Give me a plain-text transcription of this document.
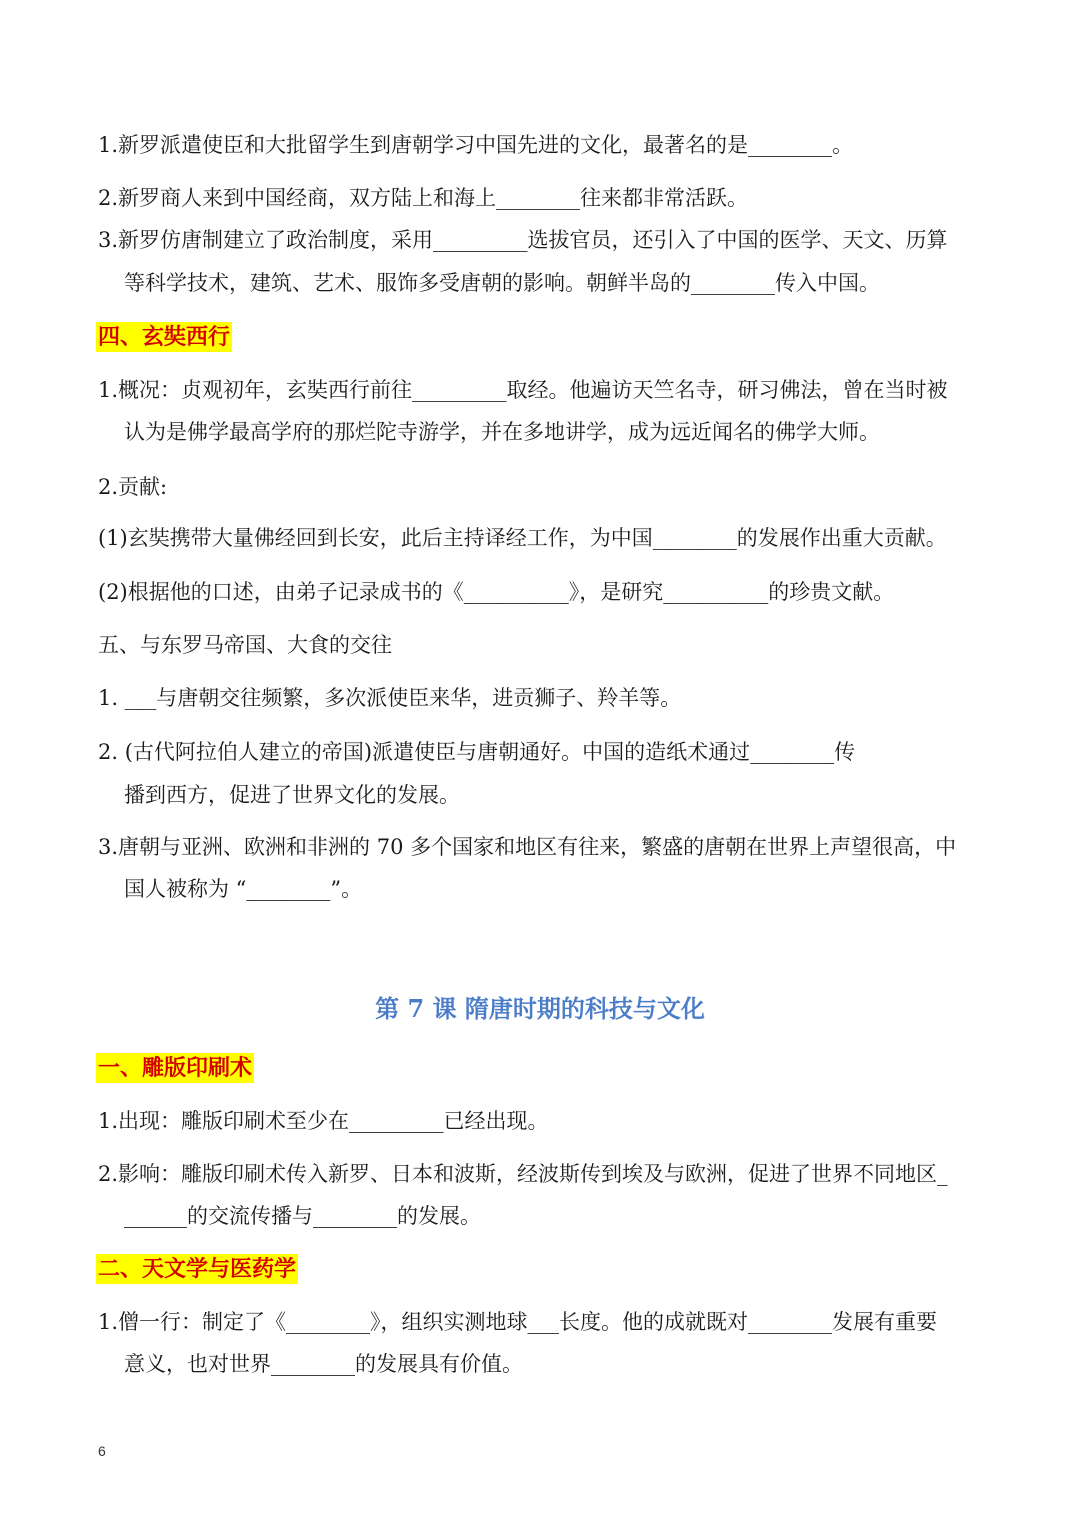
1.新罗派遣使臣和大批留学生到唐朝学习中国先进的文化，最著名的是________。
2.新罗商人来到中国经商，双方陆上和海上________往来都非常活跃。
3.新罗仿唐制建立了政治制度，采用_________选拔官员，还引入了中国的医学、天文、历算
等科学技术，建筑、艺术、服饰多受唐朝的影响。朝鲜半岛的________传入中国。
四、玄奘西行
1.概况：贞观初年，玄奘西行前往_________取经。他遍访天竺名寺，研习佛法，曾在当时被
认为是佛学最高学府的那烂陀寺游学，并在多地讲学，成为远近闻名的佛学大师。
2.贡献:
(1)玄奘携带大量佛经回到长安，此后主持译经工作，为中国________的发展作出重大贡献。
(2)根据他的口述，由弟子记录成书的《__________》，是研究__________的珍贵文献。
五、与东罗马帝国、大食的交往
1. ___与唐朝交往频繁，多次派使臣来华，进贡狮子、羚羊等。
2. (古代阿拉伯人建立的帝国)派遣使臣与唐朝通好。中国的造纸术通过________传
播到西方，促进了世界文化的发展。
3.唐朝与亚洲、欧洲和非洲的 70 多个国家和地区有往来，繁盛的唐朝在世界上声望很高，中
国人被称为 “________”。
第 7 课 隋唐时期的科技与文化
一、雕版印刷术
1.出现：雕版印刷术至少在_________已经出现。
2.影响：雕版印刷术传入新罗、日本和波斯，经波斯传到埃及与欧洲，促进了世界不同地区_
______的交流传播与________的发展。
二、天文学与医药学
1.僧一行：制定了《________》，组织实测地球___长度。他的成就既对________发展有重要
意义，也对世界________的发展具有价值。
6
